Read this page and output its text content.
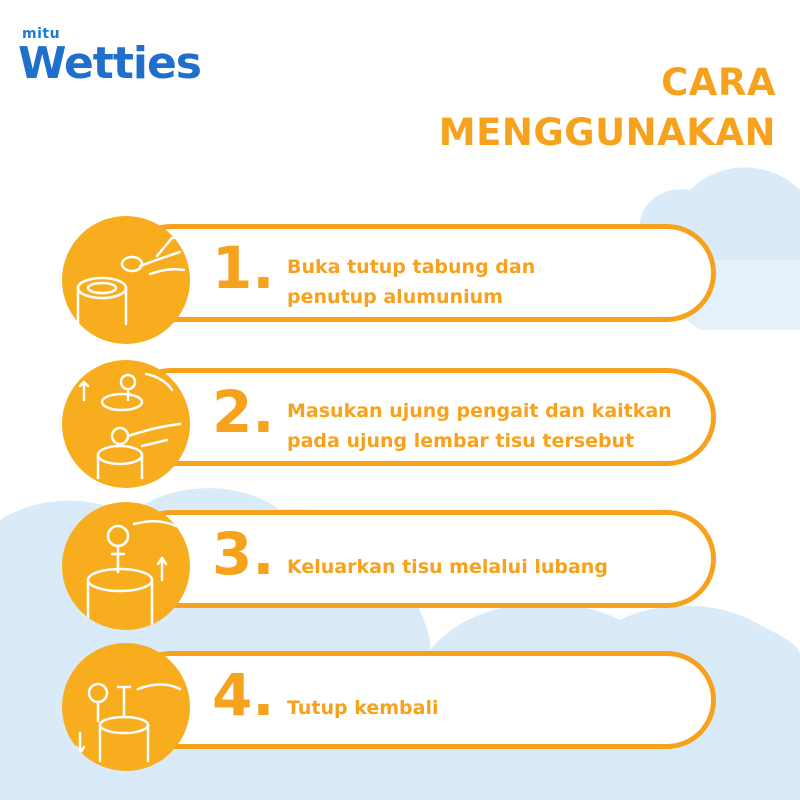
mitu
Wetties	CARA
MENGGUNAKAN
1. Buka tutup tabung dan
penutup alumunium
2. Masukan ujung pengait dan kaitkan
pada ujung lembar tisu tersebut
3. Keluarkan tisu melalui lubang
4. Tutup kembali
